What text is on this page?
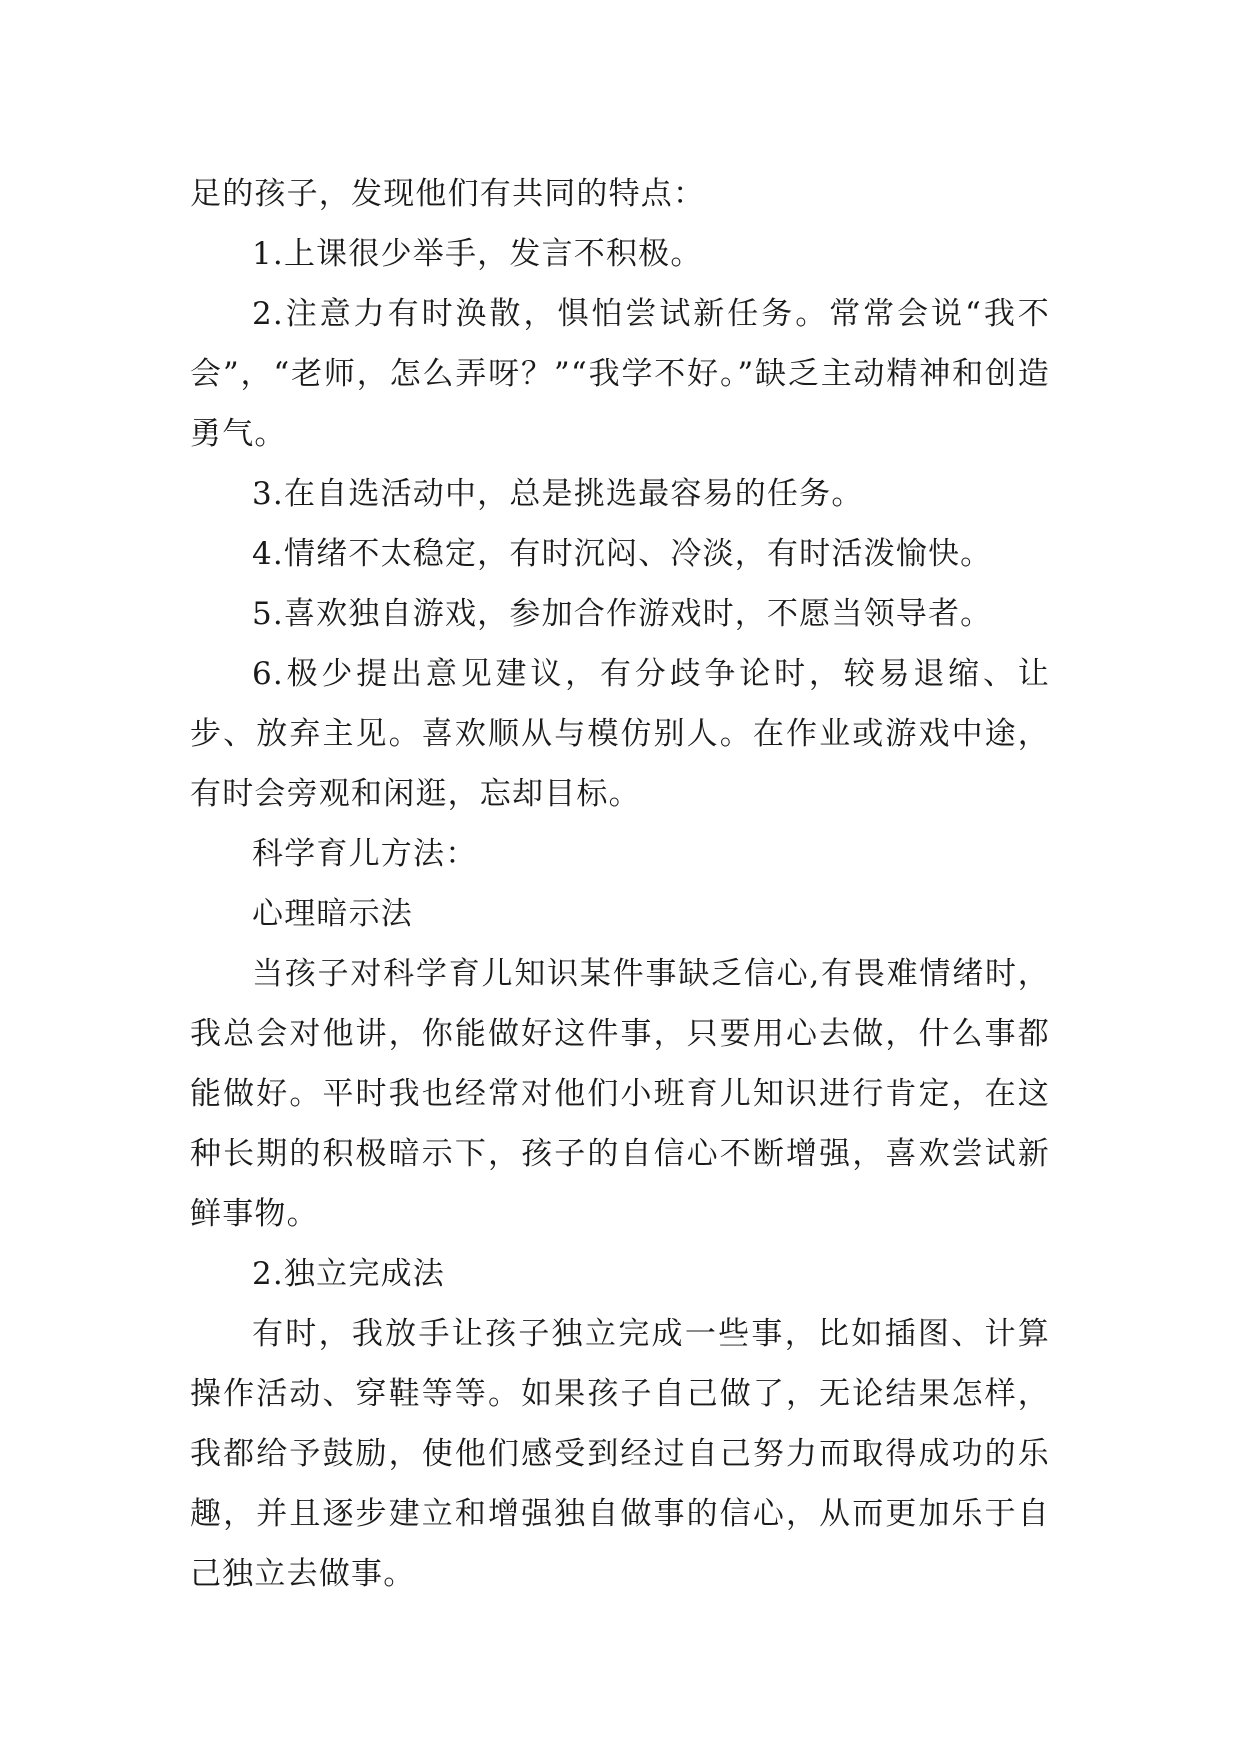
足的孩子，发现他们有共同的特点：

1.上课很少举手，发言不积极。

2.注意力有时涣散，惧怕尝试新任务。常常会说“我不会”，“老师，怎么弄呀？”“我学不好。”缺乏主动精神和创造勇气。

3.在自选活动中，总是挑选最容易的任务。

4.情绪不太稳定，有时沉闷、冷淡，有时活泼愉快。

5.喜欢独自游戏，参加合作游戏时，不愿当领导者。

6.极少提出意见建议，有分歧争论时，较易退缩、让步、放弃主见。喜欢顺从与模仿别人。在作业或游戏中途，有时会旁观和闲逛，忘却目标。

科学育儿方法：

心理暗示法

当孩子对科学育儿知识某件事缺乏信心,有畏难情绪时，我总会对他讲，你能做好这件事，只要用心去做，什么事都能做好。平时我也经常对他们小班育儿知识进行肯定，在这种长期的积极暗示下，孩子的自信心不断增强，喜欢尝试新鲜事物。

2.独立完成法

有时，我放手让孩子独立完成一些事，比如插图、计算操作活动、穿鞋等等。如果孩子自己做了，无论结果怎样，我都给予鼓励，使他们感受到经过自己努力而取得成功的乐趣，并且逐步建立和增强独自做事的信心，从而更加乐于自己独立去做事。
